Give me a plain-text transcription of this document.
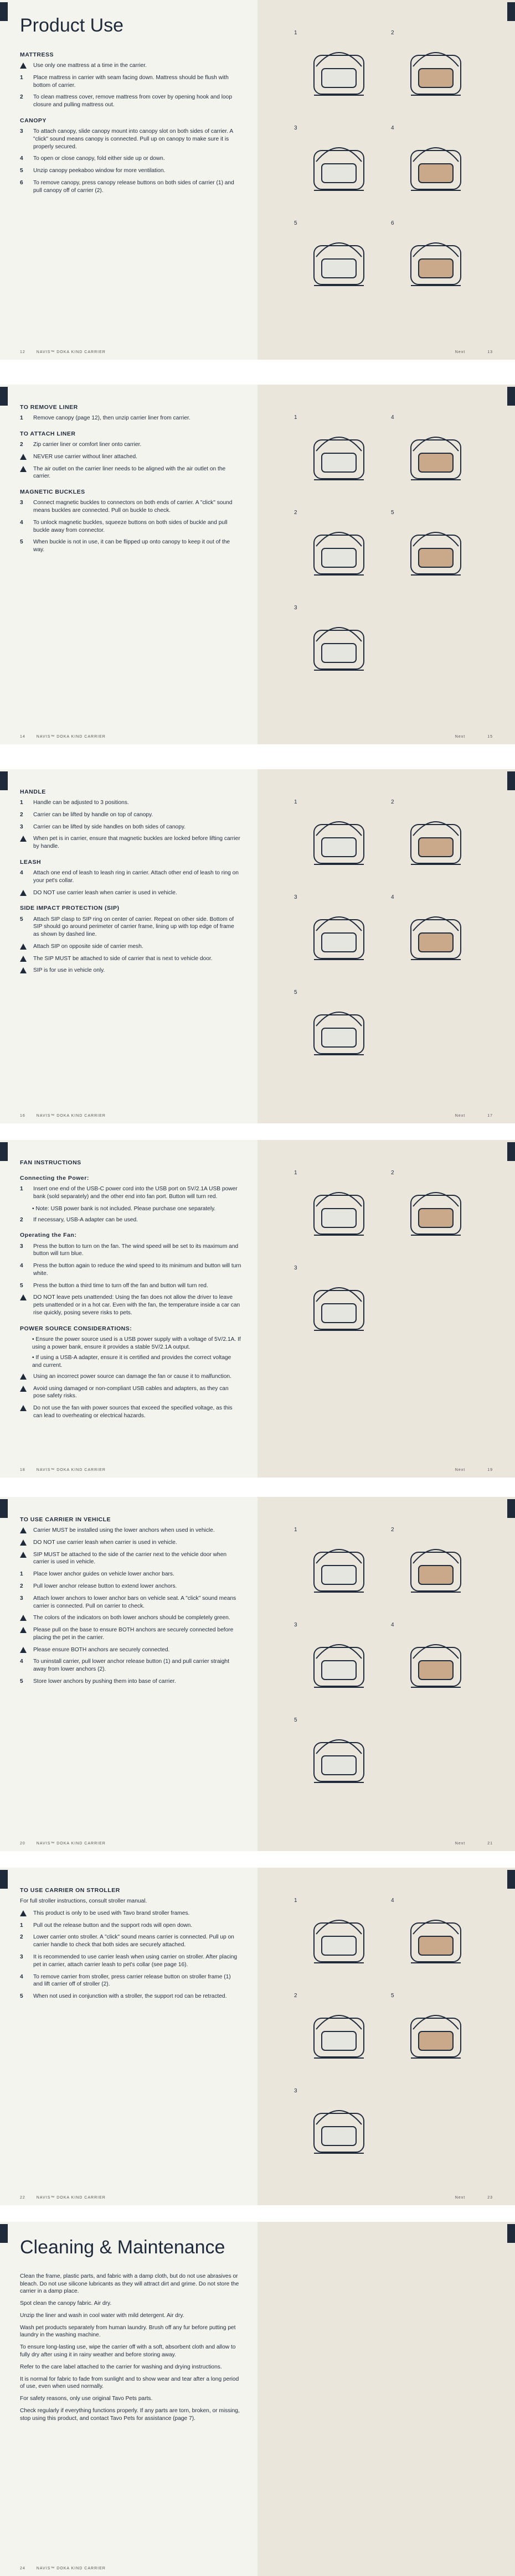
Product Use
MATTRESS
Use only one mattress at a time in the carrier.
1	Place mattress in carrier with seam facing down. Mattress should be flush with bottom of carrier.
2	To clean mattress cover, remove mattress from cover by opening hook and loop closure and pulling mattress out.
CANOPY
3	To attach canopy, slide canopy mount into canopy slot on both sides of carrier. A "click" sound means canopy is connected. Pull up on canopy to make sure it is properly secured.
4	To open or close canopy, fold either side up or down.
5	Unzip canopy peekaboo window for more ventilation.
6	To remove canopy, press canopy release buttons on both sides of carrier (1) and pull canopy off of carrier (2).
1	2
3	4
5	6
12	NAVIS™ DOKA KIND CARRIER	Next	13
TO REMOVE LINER
1	Remove canopy (page 12), then unzip carrier liner from carrier.
TO ATTACH LINER
2	Zip carrier liner or comfort liner onto carrier.
NEVER use carrier without liner attached.
The air outlet on the carrier liner needs to be aligned with the air outlet on the carrier.
MAGNETIC BUCKLES
3	Connect magnetic buckles to connectors on both ends of carrier. A "click" sound means buckles are connected. Pull on buckle to check.
4	To unlock magnetic buckles, squeeze buttons on both sides of buckle and pull buckle away from connector.
5	When buckle is not in use, it can be flipped up onto canopy to keep it out of the way.
1	4
2	5
3
14	NAVIS™ DOKA KIND CARRIER	Next	15
HANDLE
1	Handle can be adjusted to 3 positions.
2	Carrier can be lifted by handle on top of canopy.
3	Carrier can be lifted by side handles on both sides of canopy.
When pet is in carrier, ensure that magnetic buckles are locked before lifting carrier by handle.
LEASH
4	Attach one end of leash to leash ring in carrier. Attach other end of leash to ring on your pet's collar.
DO NOT use carrier leash when carrier is used in vehicle.
SIDE IMPACT PROTECTION (SIP)
5	Attach SIP clasp to SIP ring on center of carrier. Repeat on other side. Bottom of SIP should go around perimeter of carrier frame, lining up with top edge of frame as shown by dashed line.
Attach SIP on opposite side of carrier mesh.
The SIP MUST be attached to side of carrier that is next to vehicle door.
SIP is for use in vehicle only.
1	2
3	4
5
16	NAVIS™ DOKA KIND CARRIER	Next	17
FAN INSTRUCTIONS
Connecting the Power:
1	Insert one end of the USB-C power cord into the USB port on 5V/2.1A USB power bank (sold separately) and the other end into fan port. Button will turn red.
• Note: USB power bank is not included. Please purchase one separately.
2	If necessary, USB-A adapter can be used.
Operating the Fan:
3	Press the button to turn on the fan. The wind speed will be set to its maximum and button will turn blue.
4	Press the button again to reduce the wind speed to its minimum and button will turn white.
5	Press the button a third time to turn off the fan and button will turn red.
DO NOT leave pets unattended: Using the fan does not allow the driver to leave pets unattended or in a hot car. Even with the fan, the temperature inside a car can rise quickly, posing severe risks to pets.
POWER SOURCE CONSIDERATIONS:
• Ensure the power source used is a USB power supply with a voltage of 5V/2.1A. If using a power bank, ensure it provides a stable 5V/2.1A output.
• If using a USB-A adapter, ensure it is certified and provides the correct voltage and current.
Using an incorrect power source can damage the fan or cause it to malfunction.
Avoid using damaged or non-compliant USB cables and adapters, as they can pose safety risks.
Do not use the fan with power sources that exceed the specified voltage, as this can lead to overheating or electrical hazards.
1	2
3
18	NAVIS™ DOKA KIND CARRIER	Next	19
TO USE CARRIER IN VEHICLE
Carrier MUST be installed using the lower anchors when used in vehicle.
DO NOT use carrier leash when carrier is used in vehicle.
SIP MUST be attached to the side of the carrier next to the vehicle door when carrier is used in vehicle.
1	Place lower anchor guides on vehicle lower anchor bars.
2	Pull lower anchor release button to extend lower anchors.
3	Attach lower anchors to lower anchor bars on vehicle seat. A "click" sound means carrier is connected. Pull on carrier to check.
The colors of the indicators on both lower anchors should be completely green.
Please pull on the base to ensure BOTH anchors are securely connected before placing the pet in the carrier.
Please ensure BOTH anchors are securely connected.
4	To uninstall carrier, pull lower anchor release button (1) and pull carrier straight away from lower anchors (2).
5	Store lower anchors by pushing them into base of carrier.
1	2
3	4
5
20	NAVIS™ DOKA KIND CARRIER	Next	21
TO USE CARRIER ON STROLLER

For full stroller instructions, consult stroller manual.

This product is only to be used with Tavo brand stroller frames.
1	Pull out the release button and the support rods will open down.
2	Lower carrier onto stroller. A "click" sound means carrier is connected. Pull up on carrier handle to check that both sides are securely attached.
3	It is recommended to use carrier leash when using carrier on stroller. After placing pet in carrier, attach carrier leash to pet's collar (see page 16).
4	To remove carrier from stroller, press carrier release button on stroller frame (1) and lift carrier off of stroller (2).
5	When not used in conjunction with a stroller, the support rod can be retracted.
1	4
2	5
3
22	NAVIS™ DOKA KIND CARRIER	Next	23
Cleaning & Maintenance

Clean the frame, plastic parts, and fabric with a damp cloth, but do not use abrasives or bleach. Do not use silicone lubricants as they will attract dirt and grime. Do not store the carrier in a damp place.

Spot clean the canopy fabric. Air dry.

Unzip the liner and wash in cool water with mild detergent. Air dry.

Wash pet products separately from human laundry. Brush off any fur before putting pet laundry in the washing machine.

To ensure long-lasting use, wipe the carrier off with a soft, absorbent cloth and allow to fully dry after using it in rainy weather and before storing away.

Refer to the care label attached to the carrier for washing and drying instructions.

It is normal for fabric to fade from sunlight and to show wear and tear after a long period of use, even when used normally.

For safety reasons, only use original Tavo Pets parts.

Check regularly if everything functions properly. If any parts are torn, broken, or missing, stop using this product, and contact Tavo Pets for assistance (page 7).

24	NAVIS™ DOKA KIND CARRIER
